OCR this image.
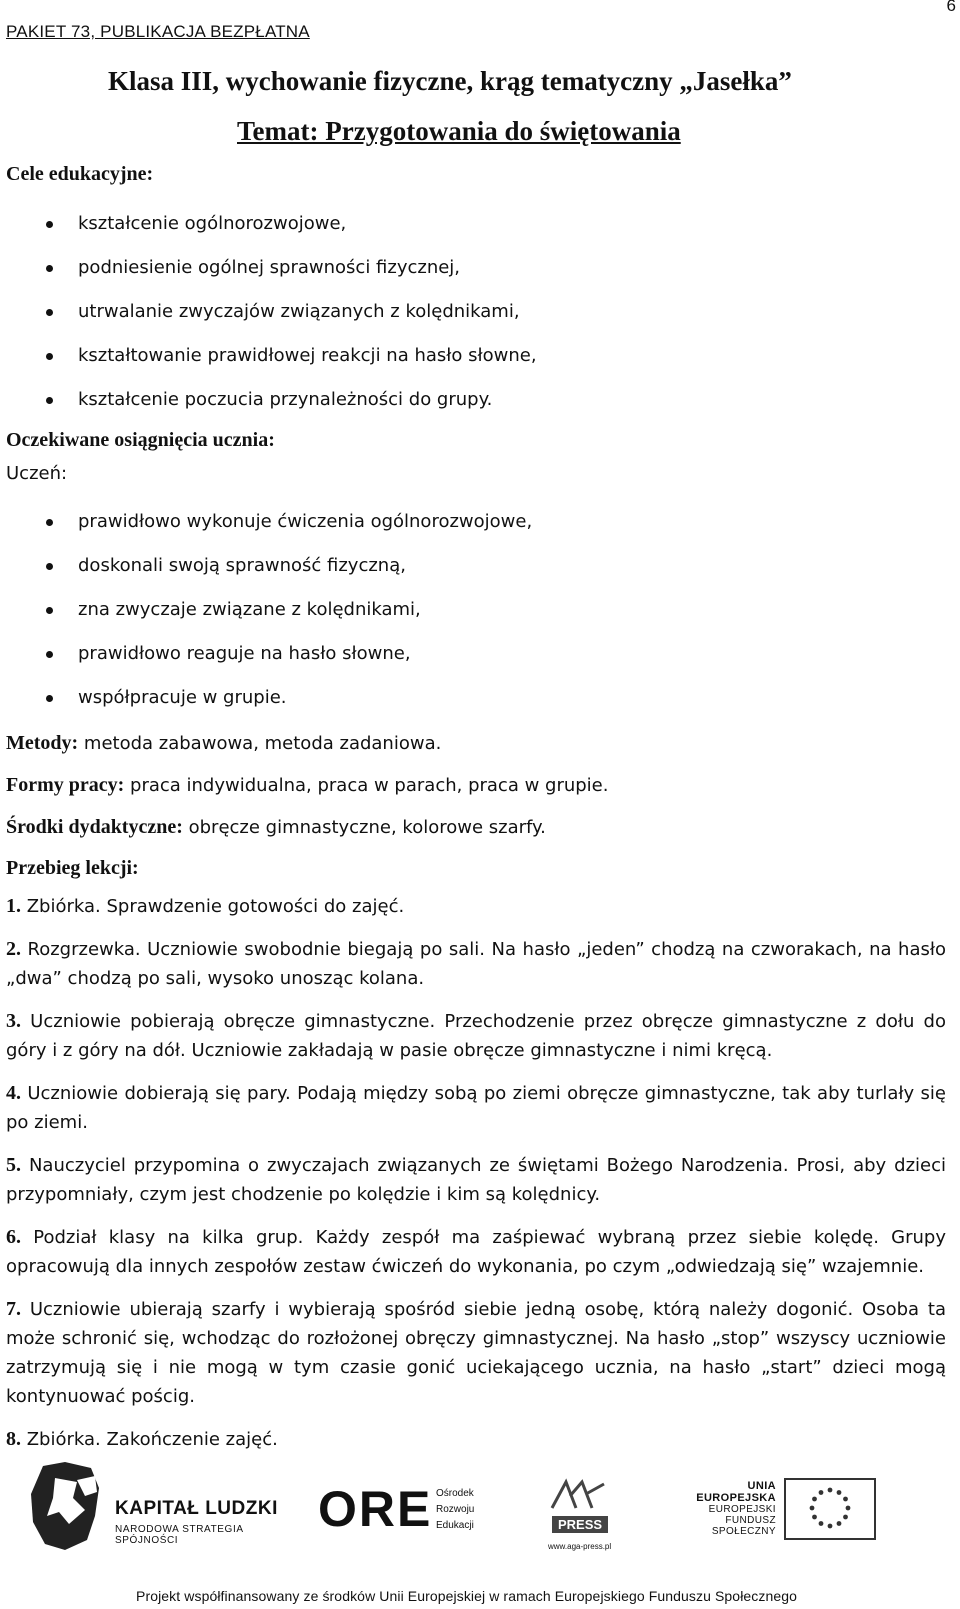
PAKIET 73, PUBLIKACJA BEZPŁATNA
6
Klasa III, wychowanie fizyczne, krąg tematyczny „Jasełka”
Temat: Przygotowania do świętowania

Cele edukacyjne:

kształcenie ogólnorozwojowe,
podniesienie ogólnej sprawności fizycznej,
utrwalanie zwyczajów związanych z kolędnikami,
kształtowanie prawidłowej reakcji na hasło słowne,
kształcenie poczucia przynależności do grupy.

Oczekiwane osiągnięcia ucznia:

Uczeń:

prawidłowo wykonuje ćwiczenia ogólnorozwojowe,
doskonali swoją sprawność fizyczną,
zna zwyczaje związane z kolędnikami,
prawidłowo reaguje na hasło słowne,
współpracuje w grupie.

Metody: metoda zabawowa, metoda zadaniowa.

Formy pracy: praca indywidualna, praca w parach, praca w grupie.

Środki dydaktyczne: obręcze gimnastyczne, kolorowe szarfy.

Przebieg lekcji:

1. Zbiórka. Sprawdzenie gotowości do zajęć.

2. Rozgrzewka. Uczniowie swobodnie biegają po sali. Na hasło „jeden” chodzą na czworakach, na hasło „dwa” chodzą po sali, wysoko unosząc kolana.

3. Uczniowie pobierają obręcze gimnastyczne. Przechodzenie przez obręcze gimnastyczne z dołu do góry i z góry na dół. Uczniowie zakładają w pasie obręcze gimnastyczne i nimi kręcą.

4. Uczniowie dobierają się pary. Podają między sobą po ziemi obręcze gimnastyczne, tak aby turlały się po ziemi.

5. Nauczyciel przypomina o zwyczajach związanych ze świętami Bożego Narodzenia. Prosi, aby dzieci przypomniały, czym jest chodzenie po kolędzie i kim są kolędnicy.

6. Podział klasy na kilka grup. Każdy zespół ma zaśpiewać wybraną przez siebie kolędę. Grupy opracowują dla innych zespołów zestaw ćwiczeń do wykonania, po czym „odwiedzają się” wzajemnie.

7. Uczniowie ubierają szarfy i wybierają spośród siebie jedną osobę, którą należy dogonić. Osoba ta może schronić się, wchodząc do rozłożonej obręczy gimnastycznej. Na hasło „stop” wszyscy uczniowie zatrzymują się i nie mogą w tym czasie gonić uciekającego ucznia, na hasło „start” dzieci mogą kontynuować pościg.

8. Zbiórka. Zakończenie zajęć.

KAPITAŁ LUDZKI
NARODOWA STRATEGIA SPÓJNOŚCI
ORE Ośrodek
Rozwoju
Edukacji	PRESS
www.aga-press.pl
UNIA EUROPEJSKA
EUROPEJSKI
FUNDUSZ SPOŁECZNY
Projekt współfinansowany ze środków Unii Europejskiej w ramach Europejskiego Funduszu Społecznego
